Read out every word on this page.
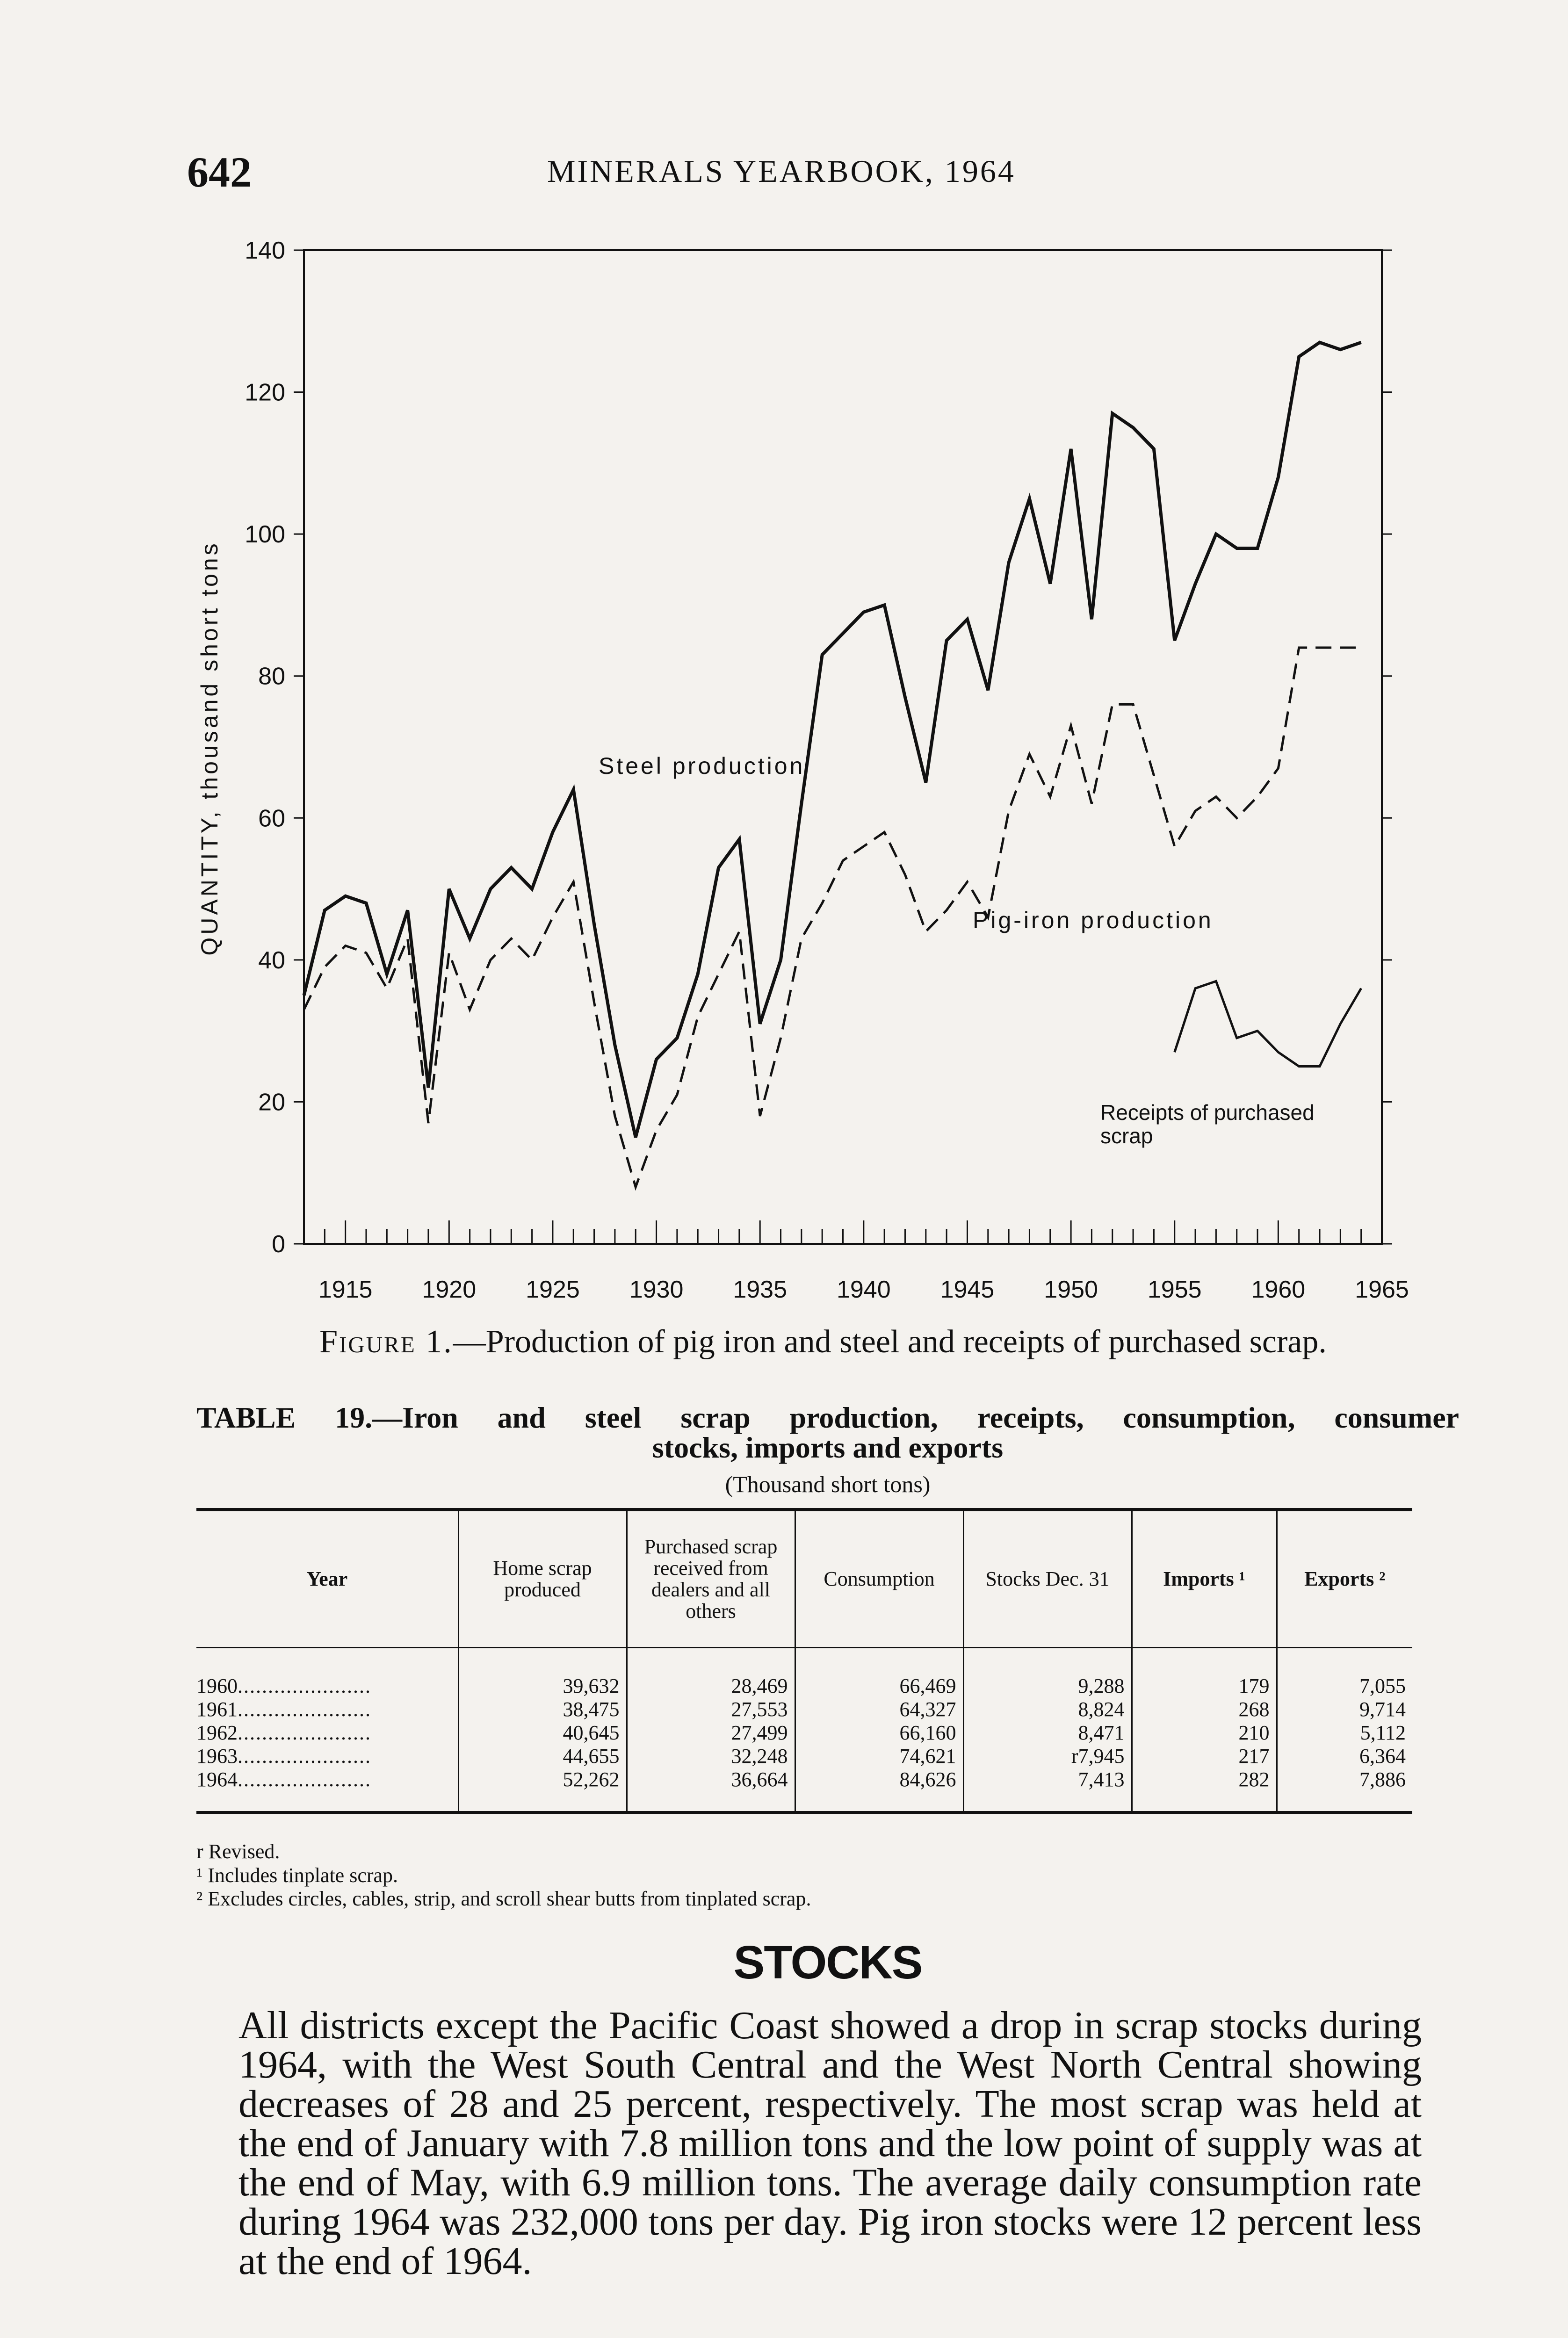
642	MINERALS YEARBOOK, 1964
0
20
40
60
80
100
120
140
1915 1920 1925 1930 1935 1940 1945 1950 1955 1960 1965
QUANTITY, thousand short tons	Steel production
Pig-iron production
Receipts of purchased
scrap
Figure 1.—Production of pig iron and steel and receipts of purchased scrap.
TABLE 19.—Iron and steel scrap production, receipts, consumption, consumer
stocks, imports and exports
(Thousand short tons)
Year	Home scrap produced	Purchased scrap received from dealers and all others	Consumption	Stocks Dec. 31	Imports ¹	Exports ²
1960......................	39,632	28,469	66,469	9,288	179	7,055
1961......................	38,475	27,553	64,327	8,824	268	9,714
1962......................	40,645	27,499	66,160	8,471	210	5,112
1963......................	44,655	32,248	74,621	r7,945	217	6,364
1964......................	52,262	36,664	84,626	7,413	282	7,886
r Revised.
¹ Includes tinplate scrap.
² Excludes circles, cables, strip, and scroll shear butts from tinplated scrap.
STOCKS
All districts except the Pacific Coast showed a drop in scrap stocks during 1964, with the West South Central and the West North Central showing decreases of 28 and 25 percent, respectively. The most scrap was held at the end of January with 7.8 million tons and the low point of supply was at the end of May, with 6.9 million tons. The average daily consumption rate during 1964 was 232,000 tons per day. Pig iron stocks were 12 percent less at the end of 1964.
